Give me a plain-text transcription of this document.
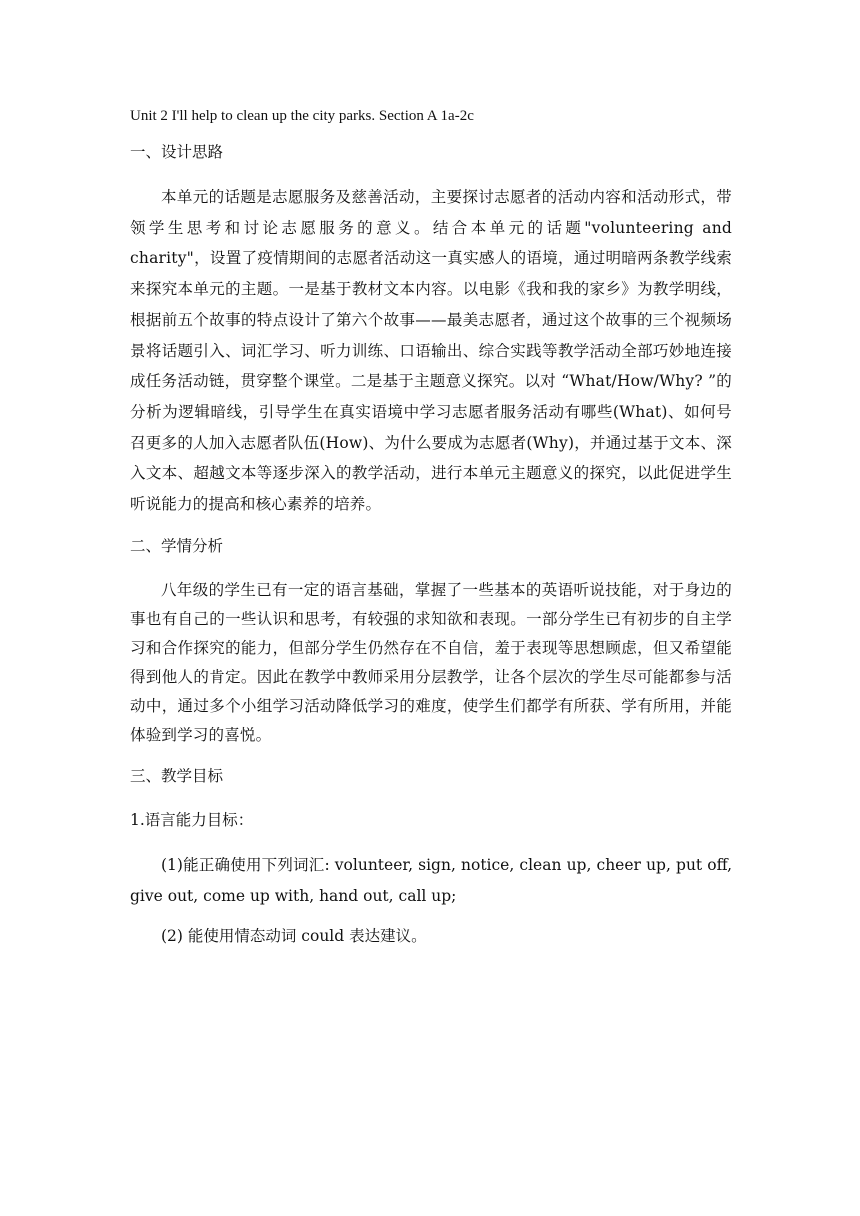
Unit 2 I'll help to clean up the city parks. Section A 1a-2c
一、设计思路
本单元的话题是志愿服务及慈善活动，主要探讨志愿者的活动内容和活动形式，带领学生思考和讨论志愿服务的意义。结合本单元的话题"volunteering and charity"，设置了疫情期间的志愿者活动这一真实感人的语境，通过明暗两条教学线索来探究本单元的主题。一是基于教材文本内容。以电影《我和我的家乡》为教学明线，根据前五个故事的特点设计了第六个故事——最美志愿者，通过这个故事的三个视频场景将话题引入、词汇学习、听力训练、口语输出、综合实践等教学活动全部巧妙地连接成任务活动链，贯穿整个课堂。二是基于主题意义探究。以对 “What/How/Why? ”的分析为逻辑暗线，引导学生在真实语境中学习志愿者服务活动有哪些(What)、如何号召更多的人加入志愿者队伍(How)、为什么要成为志愿者(Why)，并通过基于文本、深入文本、超越文本等逐步深入的教学活动，进行本单元主题意义的探究，以此促进学生听说能力的提高和核心素养的培养。
二、学情分析
八年级的学生已有一定的语言基础，掌握了一些基本的英语听说技能，对于身边的事也有自己的一些认识和思考，有较强的求知欲和表现。一部分学生已有初步的自主学习和合作探究的能力，但部分学生仍然存在不自信，羞于表现等思想顾虑，但又希望能得到他人的肯定。因此在教学中教师采用分层教学，让各个层次的学生尽可能都参与活动中，通过多个小组学习活动降低学习的难度，使学生们都学有所获、学有所用，并能体验到学习的喜悦。
三、教学目标
1.语言能力目标：
(1)能正确使用下列词汇: volunteer, sign, notice, clean up, cheer up, put off, give out, come up with, hand out, call up;
(2) 能使用情态动词 could 表达建议。
